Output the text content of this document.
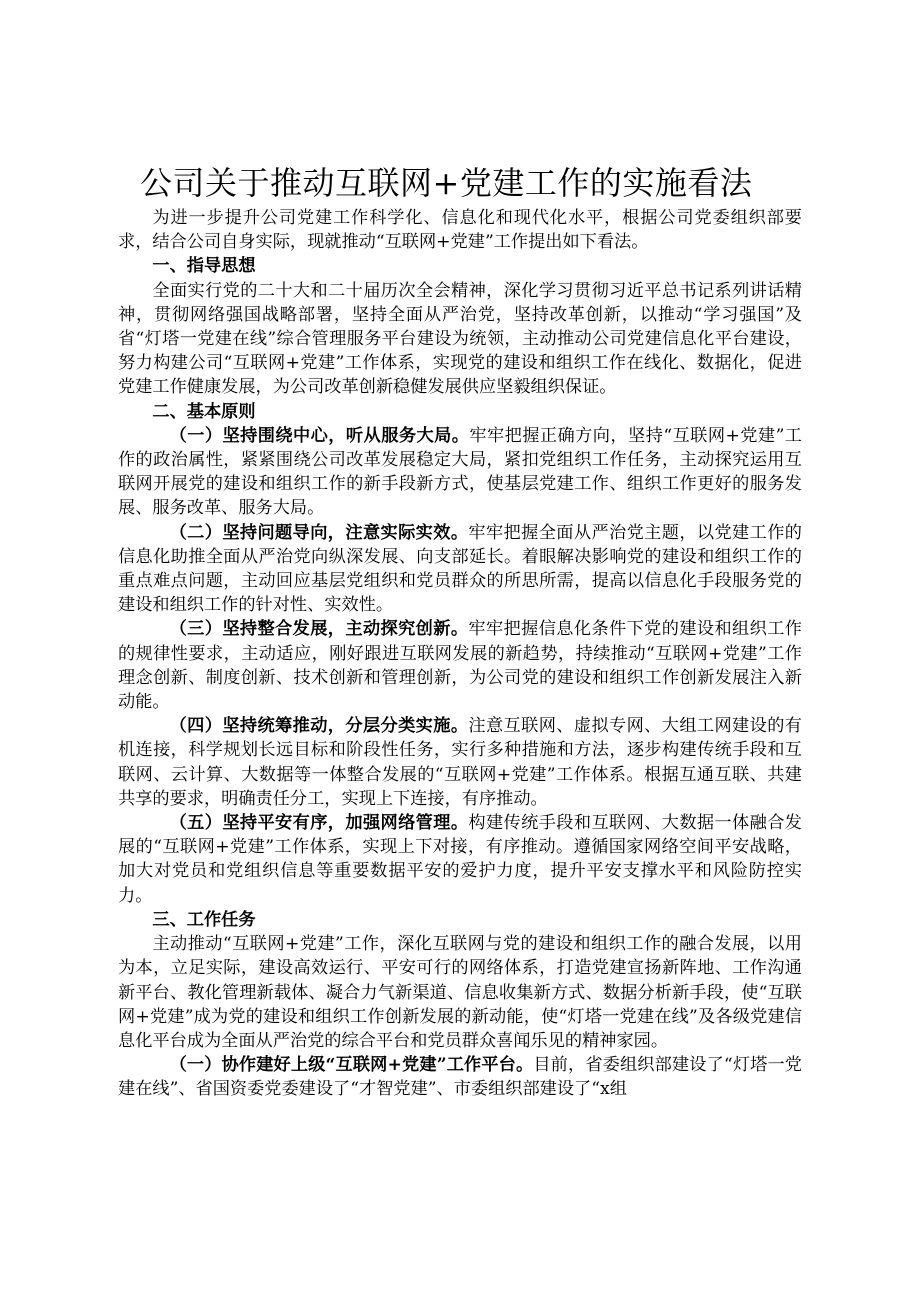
公司关于推动互联网+党建工作的实施看法

为进一步提升公司党建工作科学化、信息化和现代化水平，根据公司党委组织部要求，结合公司自身实际，现就推动“互联网+党建”工作提出如下看法。

一、指导思想

全面实行党的二十大和二十届历次全会精神，深化学习贯彻习近平总书记系列讲话精神，贯彻网络强国战略部署，坚持全面从严治党，坚持改革创新，以推动“学习强国”及省“灯塔一党建在线”综合管理服务平台建设为统领，主动推动公司党建信息化平台建设，努力构建公司“互联网+党建”工作体系，实现党的建设和组织工作在线化、数据化，促进党建工作健康发展，为公司改革创新稳健发展供应坚毅组织保证。

二、基本原则

（一）坚持围绕中心，听从服务大局。牢牢把握正确方向，坚持“互联网+党建”工作的政治属性，紧紧围绕公司改革发展稳定大局，紧扣党组织工作任务，主动探究运用互联网开展党的建设和组织工作的新手段新方式，使基层党建工作、组织工作更好的服务发展、服务改革、服务大局。

（二）坚持问题导向，注意实际实效。牢牢把握全面从严治党主题，以党建工作的信息化助推全面从严治党向纵深发展、向支部延长。着眼解决影响党的建设和组织工作的重点难点问题，主动回应基层党组织和党员群众的所思所需，提高以信息化手段服务党的建设和组织工作的针对性、实效性。

（三）坚持整合发展，主动探究创新。牢牢把握信息化条件下党的建设和组织工作的规律性要求，主动适应，刚好跟进互联网发展的新趋势，持续推动“互联网+党建”工作理念创新、制度创新、技术创新和管理创新，为公司党的建设和组织工作创新发展注入新动能。

（四）坚持统筹推动，分层分类实施。注意互联网、虚拟专网、大组工网建设的有机连接，科学规划长远目标和阶段性任务，实行多种措施和方法，逐步构建传统手段和互联网、云计算、大数据等一体整合发展的“互联网+党建”工作体系。根据互通互联、共建共享的要求，明确责任分工，实现上下连接，有序推动。

（五）坚持平安有序，加强网络管理。构建传统手段和互联网、大数据一体融合发展的“互联网+党建”工作体系，实现上下对接，有序推动。遵循国家网络空间平安战略，加大对党员和党组织信息等重要数据平安的爱护力度，提升平安支撑水平和风险防控实力。

三、工作任务

主动推动“互联网+党建”工作，深化互联网与党的建设和组织工作的融合发展，以用为本，立足实际，建设高效运行、平安可行的网络体系，打造党建宣扬新阵地、工作沟通新平台、教化管理新载体、凝合力气新渠道、信息收集新方式、数据分析新手段，使“互联网+党建”成为党的建设和组织工作创新发展的新动能，使“灯塔一党建在线”及各级党建信息化平台成为全面从严治党的综合平台和党员群众喜闻乐见的精神家园。

（一）协作建好上级“互联网+党建”工作平台。目前，省委组织部建设了“灯塔一党建在线”、省国资委党委建设了“才智党建”、市委组织部建设了“x组
